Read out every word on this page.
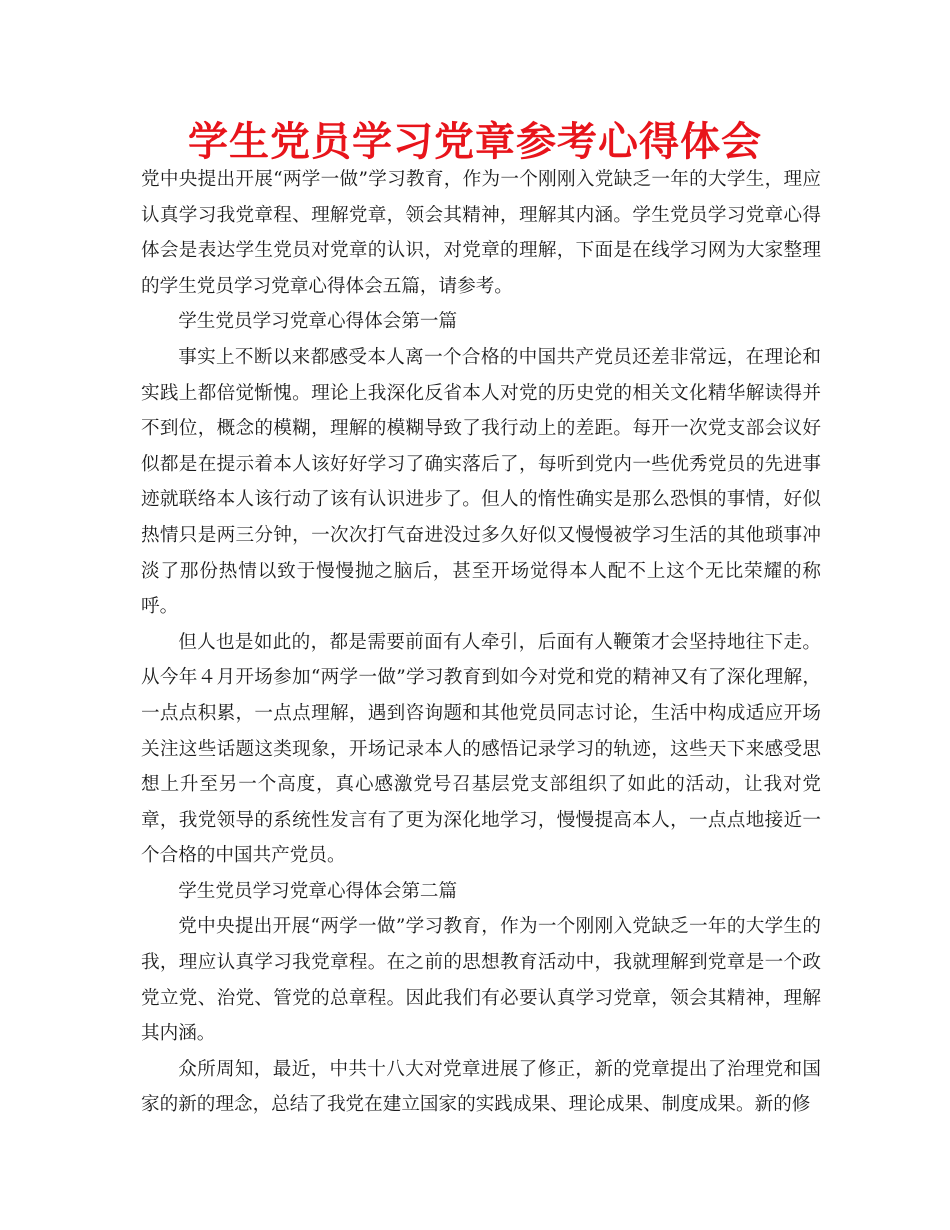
学生党员学习党章参考心得体会

党中央提出开展“两学一做”学习教育，作为一个刚刚入党缺乏一年的大学生，理应认真学习我党章程、理解党章，领会其精神，理解其内涵。学生党员学习党章心得体会是表达学生党员对党章的认识，对党章的理解，下面是在线学习网为大家整理的学生党员学习党章心得体会五篇，请参考。

学生党员学习党章心得体会第一篇

事实上不断以来都感受本人离一个合格的中国共产党员还差非常远，在理论和实践上都倍觉惭愧。理论上我深化反省本人对党的历史党的相关文化精华解读得并不到位，概念的模糊，理解的模糊导致了我行动上的差距。每开一次党支部会议好似都是在提示着本人该好好学习了确实落后了，每听到党内一些优秀党员的先进事迹就联络本人该行动了该有认识进步了。但人的惰性确实是那么恐惧的事情，好似热情只是两三分钟，一次次打气奋进没过多久好似又慢慢被学习生活的其他琐事冲淡了那份热情以致于慢慢抛之脑后，甚至开场觉得本人配不上这个无比荣耀的称呼。

但人也是如此的，都是需要前面有人牵引，后面有人鞭策才会坚持地往下走。从今年４月开场参加“两学一做”学习教育到如今对党和党的精神又有了深化理解，一点点积累，一点点理解，遇到咨询题和其他党员同志讨论，生活中构成适应开场关注这些话题这类现象，开场记录本人的感悟记录学习的轨迹，这些天下来感受思想上升至另一个高度，真心感激党号召基层党支部组织了如此的活动，让我对党章，我党领导的系统性发言有了更为深化地学习，慢慢提高本人，一点点地接近一个合格的中国共产党员。

学生党员学习党章心得体会第二篇

党中央提出开展“两学一做”学习教育，作为一个刚刚入党缺乏一年的大学生的我，理应认真学习我党章程。在之前的思想教育活动中，我就理解到党章是一个政党立党、治党、管党的总章程。因此我们有必要认真学习党章，领会其精神，理解其内涵。

众所周知，最近，中共十八大对党章进展了修正，新的党章提出了治理党和国家的新的理念，总结了我党在建立国家的实践成果、理论成果、制度成果。新的修
